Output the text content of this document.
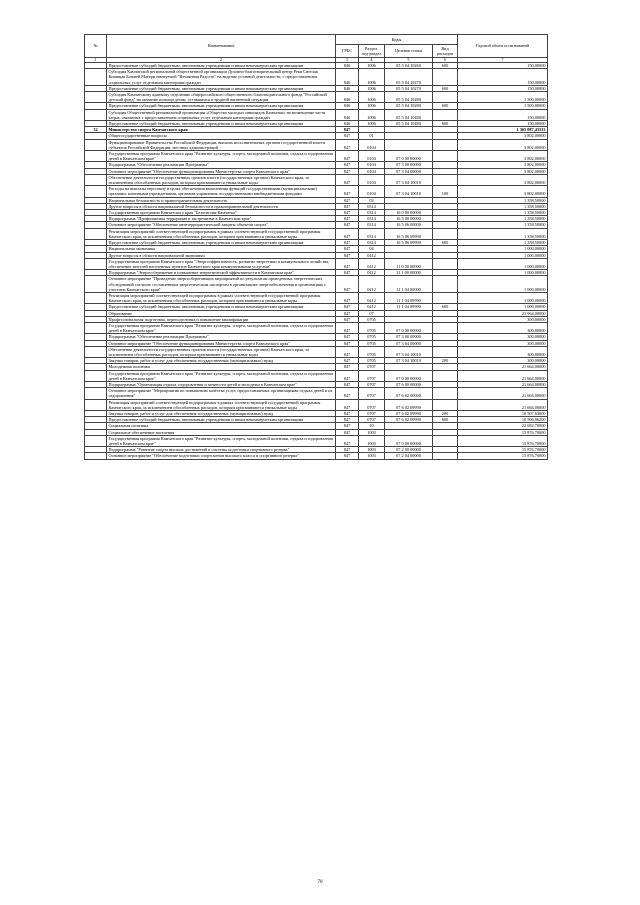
№	Наименование	Коды				Годовой объем ассигнований
		ГРБС	Раздел, под-раздел	Целевая статья	Вид расходов	
1	2	3	4	5	6	7
	Предоставление субсидий бюджетным, автономным учреждениям и иным некоммерческим организациям	846	1006	05 5 04 10260	600	150,00000
	Субсидия Камчатской региональной общественной организации Духовно-благотворительный центр Реки Светлая Кипящая Божией Матери именуемой "Нечаянная Радость" на ведение уставной деятельности, с предоставлением социальных услуг отдельным категориям граждан	846	1006	05 5 04 10270		150,00000
	Предоставление субсидий бюджетным, автономным учреждениям и иным некоммерческим организациям	846	1006	05 5 04 10270	600	150,00000
	Субсидия Камчатскому краевому отделению общероссийского общественного благотворительного фонда "Российский детский фонд" на оказание помощи детям, оставшимся в трудной жизненной ситуации	846	1006	05 5 04 10280		1 500,00000
	Предоставление субсидий бюджетным, автономным учреждениям и иным некоммерческим организациям	846	1006	05 5 04 10280	600	1 500,00000
	Субсидия Общественной региональной организации «Общество молодых инвалидов Камчатки» на возмещение части затрат, связанных с предоставлением социальных услуг отдельным категориям граждан	846	1006	05 5 04 10480		150,00000
	Предоставление субсидий бюджетным, автономным учреждениям и иным некоммерческим организациям	846	1006	05 5 04 10480	600	150,00000
32	Министерство спорта Камчатского края	847				1 365 087,43333
	Общегосударственные вопросы	847	01			3 802,00000
	Функционирование Правительства Российской Федерации, высших исполнительных органов государственной власти субъектов Российской Федерации, местных администраций	847	0104			3 802,00000
	Государственная программа Камчатского края "Развитие культуры, спорта, молодежной политики, отдыха и оздоровления детей в Камчатском крае"	847	0104	07 0 00 00000		3 802,00000
	Подпрограмма "Обеспечение реализации Программы"	847	0104	07 3 00 00000		3 802,00000
	Основное мероприятие "Обеспечение функционирования Министерства спорта Камчатского края"	847	0104	07 3 04 00000		3 802,00000
	Обеспечение деятельности государственных органов власти (государственных органов) Камчатского края, за исключением обособленных расходов, которым присваиваются уникальные коды	847	0104	07 3 04 10010		3 802,00000
	Расходы на выплаты персоналу в целях обеспечения выполнения функций государственными (муниципальными) органами, казенными учреждениями, органами управления государственными внебюджетными фондами	847	0104	07 3 04 10010	100	3 802,00000
	Национальная безопасность и правоохранительная деятельность	847	03			1 358,50000
	Другие вопросы в области национальной безопасности и правоохранительной деятельности	847	0314			1 358,50000
	Государственная программа Камчатского края "Безопасная Камчатка"	847	0314	16 0 00 00000		1 358,50000
	Подпрограмма "Профилактика терроризма и экстремизма в Камчатском крае"	847	0314	16 5 00 00000		1 358,50000
	Основное мероприятие "Обеспечение антитеррористической защиты объектов спорта"	847	0314	16 5 06 00000		1 358,50000
	Реализация мероприятий соответствующей подпрограммы в рамках соответствующей государственной программы Камчатского края, за исключением обособленных расходов, которым присваиваются уникальные коды	847	0314	16 5 06 09990		1 358,50000
	Предоставление субсидий бюджетным, автономным учреждениям и иным некоммерческим организациям	847	0314	16 5 06 09990	600	1 358,50000
	Национальная экономика	847	04			1 000,00000
	Другие вопросы в области национальной экономики	847	0412			1 000,00000
	Государственная программа Камчатского края "Энергоэффективность, развитие энергетики и коммунального хозяйства, обеспечение жителей населенных пунктов Камчатского края коммунальными услугами"	847	0412	11 0 00 00000		1 000,00000
	Подпрограмма "Энергосбережение и повышение энергетической эффективности в Камчатском крае"	847	0412	11 1 00 00000		1 000,00000
	Основное мероприятие "Проведение энергосберегающих мероприятий по результатам проведенных энергетических обследований согласно составленным энергетическим паспортам в организациях энергообеспечения и организациях с участием Камчатского края"	847	0412	11 1 04 00000		1 000,00000
	Реализация мероприятий соответствующей подпрограммы в рамках соответствующей государственной программы Камчатского края, за исключением обособленных расходов, которым присваиваются уникальные коды	847	0412	11 1 04 09990		1 000,00000
	Предоставление субсидий бюджетным, автономным учреждениям и иным некоммерческим организациям	847	0412	11 1 04 09990	600	1 000,00000
	Образование	847	07			21 964,00000
	Профессиональная подготовка, переподготовка и повышение квалификации	847	0705			300,00000
	Государственная программа Камчатского края "Развитие культуры, спорта, молодежной политики, отдыха и оздоровления детей в Камчатском крае"	847	0705	07 0 00 00000		300,00000
	Подпрограмма "Обеспечение реализации Программы"	847	0705	07 3 00 00000		300,00000
	Основное мероприятие "Обеспечение функционирования Министерства спорта Камчатского края"	847	0705	07 3 04 00000		300,00000
	Обеспечение деятельности государственных органов власти (государственных органов) Камчатского края, за исключением обособленных расходов, которым присваиваются уникальные коды	847	0705	07 3 04 10010		300,00000
	Закупка товаров, работ и услуг для обеспечения государственных (муниципальных) нужд	847	0705	07 3 04 10010	200	300,00000
	Молодежная политика	847	0707			21 664,00000
	Государственная программа Камчатского края "Развитие культуры, спорта, молодежной политики, отдыха и оздоровления детей в Камчатском крае"	847	0707	07 0 00 00000		21 664,00000
	Подпрограмма "Организация отдыха, оздоровления и занятости детей и молодежи в Камчатском крае"	847	0707	07 6 00 00000		21 664,00000
	Основное мероприятие "Мероприятия по повышению качества услуг, предоставляемых организациями отдыха детей и их оздоровления"	847	0707	07 6 02 00000		21 664,00000
	Реализация мероприятий соответствующей подпрограммы в рамках соответствующей государственной программы Камчатского края, за исключением обособленных расходов, которым присваиваются уникальные коды	847	0707	07 6 02 09990		21 664,00000
	Закупка товаров, работ и услуг для обеспечения государственных (муниципальных) нужд	847	0707	07 6 02 09990	200	10 507,63000
	Предоставление субсидий бюджетным, автономным учреждениям и иным некоммерческим организациям	847	0707	07 6 02 09990	600	10 506,96200
	Социальная политика	847	10			22 682,70000
	Социальное обеспечение населения	847	1003			15 876,70000
	Государственная программа Камчатского края "Развитие культуры, спорта, молодежной политики, отдыха и оздоровления детей в Камчатском крае"	847	1003	07 0 00 00000		15 876,70000
	Подпрограмма "Развитие спорта высших достижений и системы подготовки спортивного резерва"	847	1003	07 2 00 00000		15 876,70000
	Основное мероприятие "Обеспечение подготовки спортсменов высокого класса и спортивного резерва"	847	1003	07 2 04 00000		15 876,70000
70
